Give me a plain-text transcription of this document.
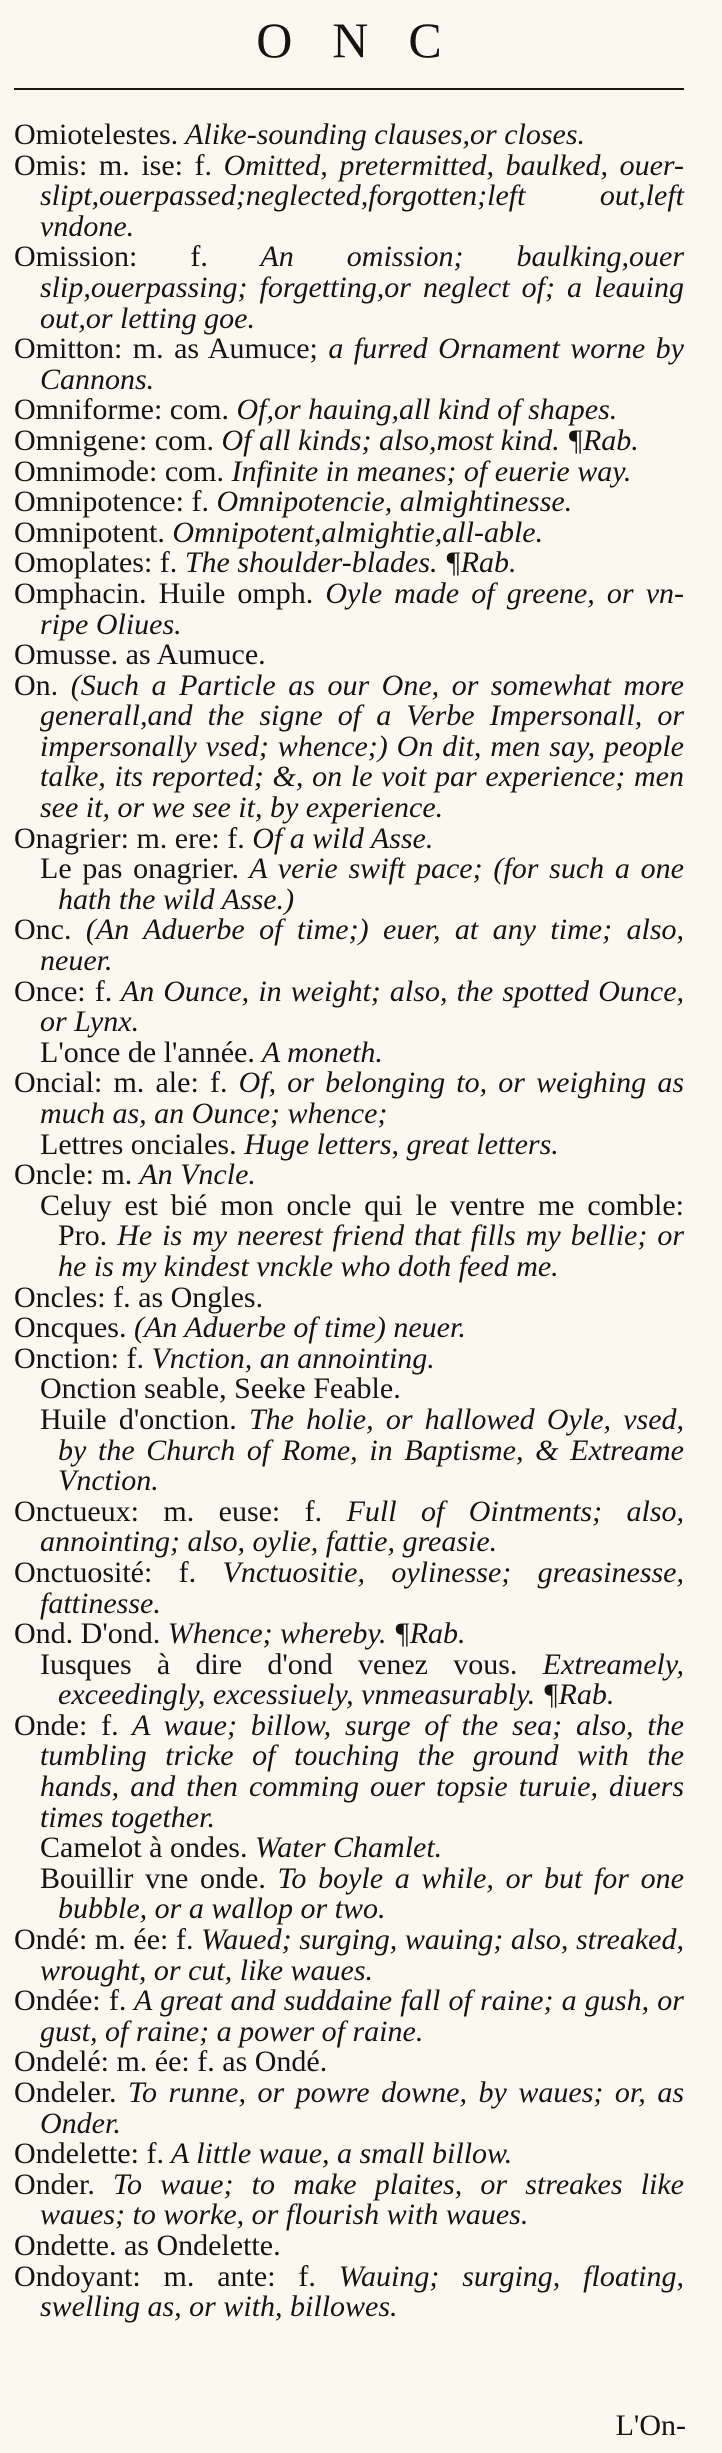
ONC

Omiotelestes. Alike-sounding clauses,or closes.

Omis: m. ise: f. Omitted, pretermitted, baulked, ouer-slipt,ouerpassed;neglected,forgotten;left out,left vndone.

Omission: f. An omission; baulking,ouer slip,ouerpassing; forgetting,or neglect of; a leauing out,or letting goe.

Omitton: m. as Aumuce; a furred Ornament worne by Cannons.

Omniforme: com. Of,or hauing,all kind of shapes.

Omnigene: com. Of all kinds; also,most kind. ¶Rab.

Omnimode: com. Infinite in meanes; of euerie way.

Omnipotence: f. Omnipotencie, almightinesse.

Omnipotent. Omnipotent,almightie,all-able.

Omoplates: f. The shoulder-blades. ¶Rab.

Omphacin. Huile omph. Oyle made of greene, or vn-ripe Oliues.

Omusse. as Aumuce.

On. (Such a Particle as our One, or somewhat more generall,and the signe of a Verbe Impersonall, or impersonally vsed; whence;) On dit, men say, people talke, its reported; &, on le voit par experience; men see it, or we see it, by experience.

Onagrier: m. ere: f. Of a wild Asse.

Le pas onagrier. A verie swift pace; (for such a one hath the wild Asse.)

Onc. (An Aduerbe of time;) euer, at any time; also, neuer.

Once: f. An Ounce, in weight; also, the spotted Ounce, or Lynx.

L'once de l'année. A moneth.

Oncial: m. ale: f. Of, or belonging to, or weighing as much as, an Ounce; whence;

Lettres onciales. Huge letters, great letters.

Oncle: m. An Vncle.

Celuy est bié mon oncle qui le ventre me comble: Pro. He is my neerest friend that fills my bellie; or he is my kindest vnckle who doth feed me.

Oncles: f. as Ongles.

Oncques. (An Aduerbe of time) neuer.

Onction: f. Vnction, an annointing.

Onction seable, Seeke Feable.

Huile d'onction. The holie, or hallowed Oyle, vsed, by the Church of Rome, in Baptisme, & Extreame Vnction.

Onctueux: m. euse: f. Full of Ointments; also, annointing; also, oylie, fattie, greasie.

Onctuosité: f. Vnctuositie, oylinesse; greasinesse, fattinesse.

Ond. D'ond. Whence; whereby. ¶Rab.

Iusques à dire d'ond venez vous. Extreamely, exceedingly, excessiuely, vnmeasurably. ¶Rab.

Onde: f. A waue; billow, surge of the sea; also, the tumbling tricke of touching the ground with the hands, and then comming ouer topsie turuie, diuers times together.

Camelot à ondes. Water Chamlet.

Bouillir vne onde. To boyle a while, or but for one bubble, or a wallop or two.

Ondé: m. ée: f. Waued; surging, wauing; also, streaked, wrought, or cut, like waues.

Ondée: f. A great and suddaine fall of raine; a gush, or gust, of raine; a power of raine.

Ondelé: m. ée: f. as Ondé.

Ondeler. To runne, or powre downe, by waues; or, as Onder.

Ondelette: f. A little waue, a small billow.

Onder. To waue; to make plaites, or streakes like waues; to worke, or flourish with waues.

Ondette. as Ondelette.

Ondoyant: m. ante: f. Wauing; surging, floating, swelling as, or with, billowes.

L'On-
